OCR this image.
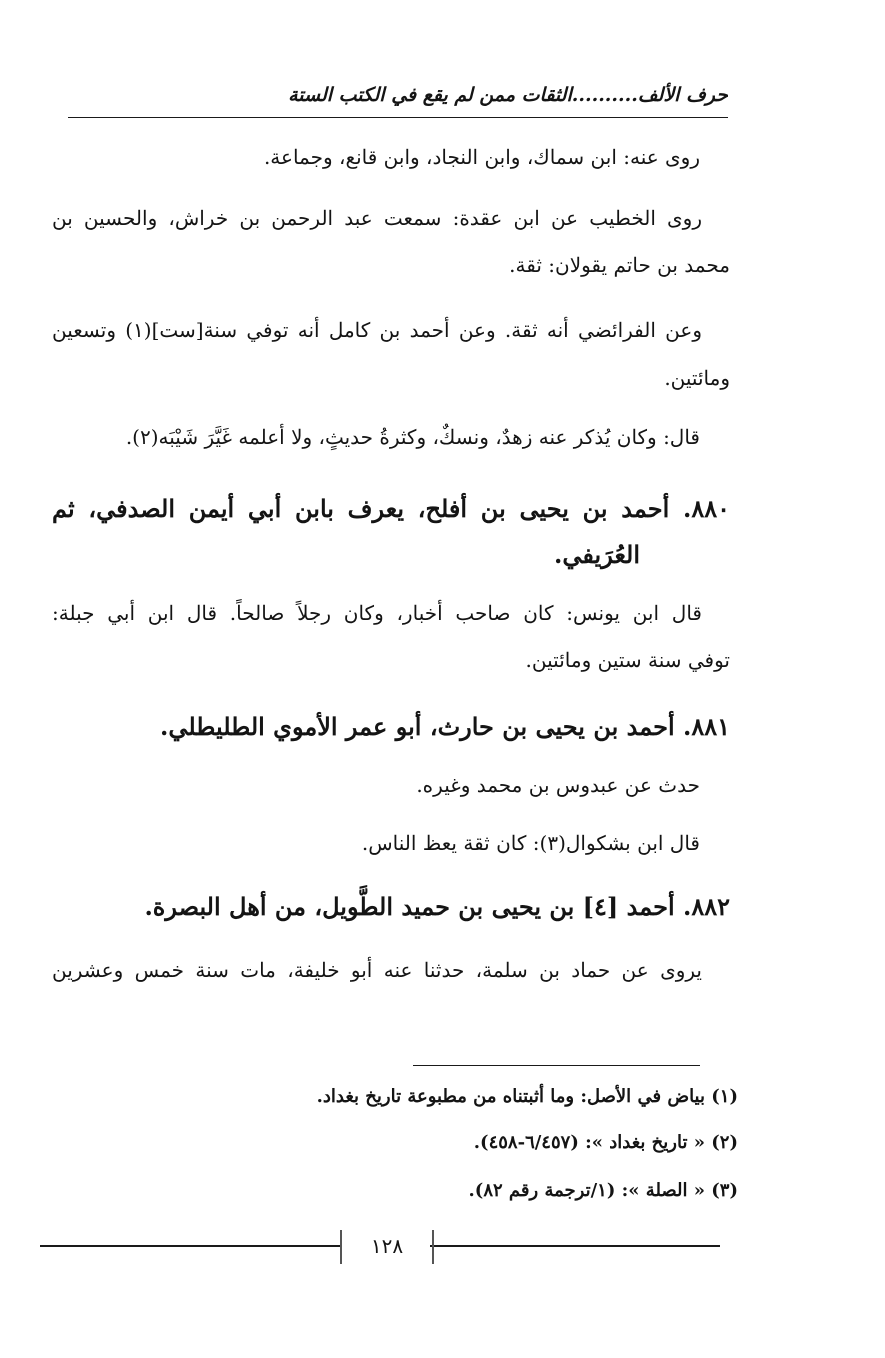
حرف الألف..........الثقات ممن لم يقع في الكتب الستة
روى عنه: ابن سماك، وابن النجاد، وابن قانع، وجماعة.
روى الخطيب عن ابن عقدة: سمعت عبد الرحمن بن خراش، والحسين بن
محمد بن حاتم يقولان: ثقة.
وعن الفرائضي أنه ثقة. وعن أحمد بن كامل أنه توفي سنة[ست](١) وتسعين
ومائتين.
قال: وكان يُذكر عنه زهدٌ، ونسكٌ، وكثرةُ حديثٍ، ولا أعلمه غَيَّرَ شَيْبَه(٢).
٨٨٠. أحمد بن يحيى بن أفلح، يعرف بابن أبي أيمن الصدفي، ثم
العُرَيفي.
قال ابن يونس: كان صاحب أخبار، وكان رجلاً صالحاً. قال ابن أبي جبلة:
توفي سنة ستين ومائتين.
٨٨١. أحمد بن يحيى بن حارث، أبو عمر الأموي الطليطلي.
حدث عن عبدوس بن محمد وغيره.
قال ابن بشكوال(٣): كان ثقة يعظ الناس.
٨٨٢. أحمد [٤] بن يحيى بن حميد الطَّويل، من أهل البصرة.
يروى عن حماد بن سلمة، حدثنا عنه أبو خليفة، مات سنة خمس وعشرين
(١) بياض في الأصل: وما أثبتناه من مطبوعة تاريخ بغداد.
(٢) « تاريخ بغداد »: (٦/٤٥٧-٤٥٨).
(٣) « الصلة »: (١/ترجمة رقم ٨٢).
١٢٨
